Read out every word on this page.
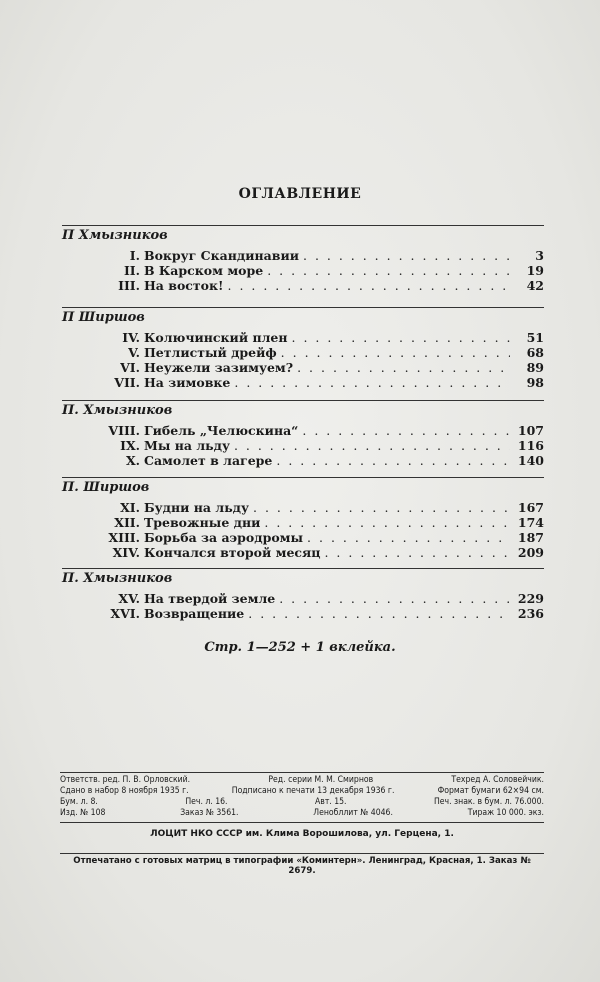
ОГЛАВЛЕНИЕ
П Хмызников
I. Вокруг Скандинавии . . .	3
II. В Карском море . . .	19
III. На восток! . . .	42
П Ширшов
IV. Колючинский плен . . .	51
V. Петлистый дрейф . . .	68
VI. Неужели зазимуем? . . .	89
VII. На зимовке . . .	98
П. Хмызников
VIII. Гибель „Челюскина“ . . .	107
IX. Мы на льду . . .	116
X. Самолет в лагере . . .	140
П. Ширшов
XI. Будни на льду . . .	167
XII. Тревожные дни . . .	174
XIII. Борьба за аэродромы . . .	187
XIV. Кончался второй месяц . . .	209
П. Хмызников
XV. На твердой земле . . .	229
XVI. Возвращение . . .	236
Стр. 1—252 + 1 вклейка.
Ответств. ред. П. В. Орловский.	Ред. серии М. М. Смирнов	Техред А. Соловейчик.
Сдано в набор 8 ноября 1935 г.	Подписано к печати 13 декабря 1936 г.	Формат бумаги 62×94 см.
Бум. л. 8.	Печ. л. 16.	Авт. 15.	Печ. знак. в бум. л. 76.000.
Изд. № 108	Заказ № 3561.	Ленобллит № 4046.	Тираж 10 000. экз.
ЛОЦИТ НКО СССР им. Клима Ворошилова, ул. Герцена, 1.
Отпечатано с готовых матриц в типографии «Коминтерн». Ленинград, Красная, 1. Заказ № 2679.
